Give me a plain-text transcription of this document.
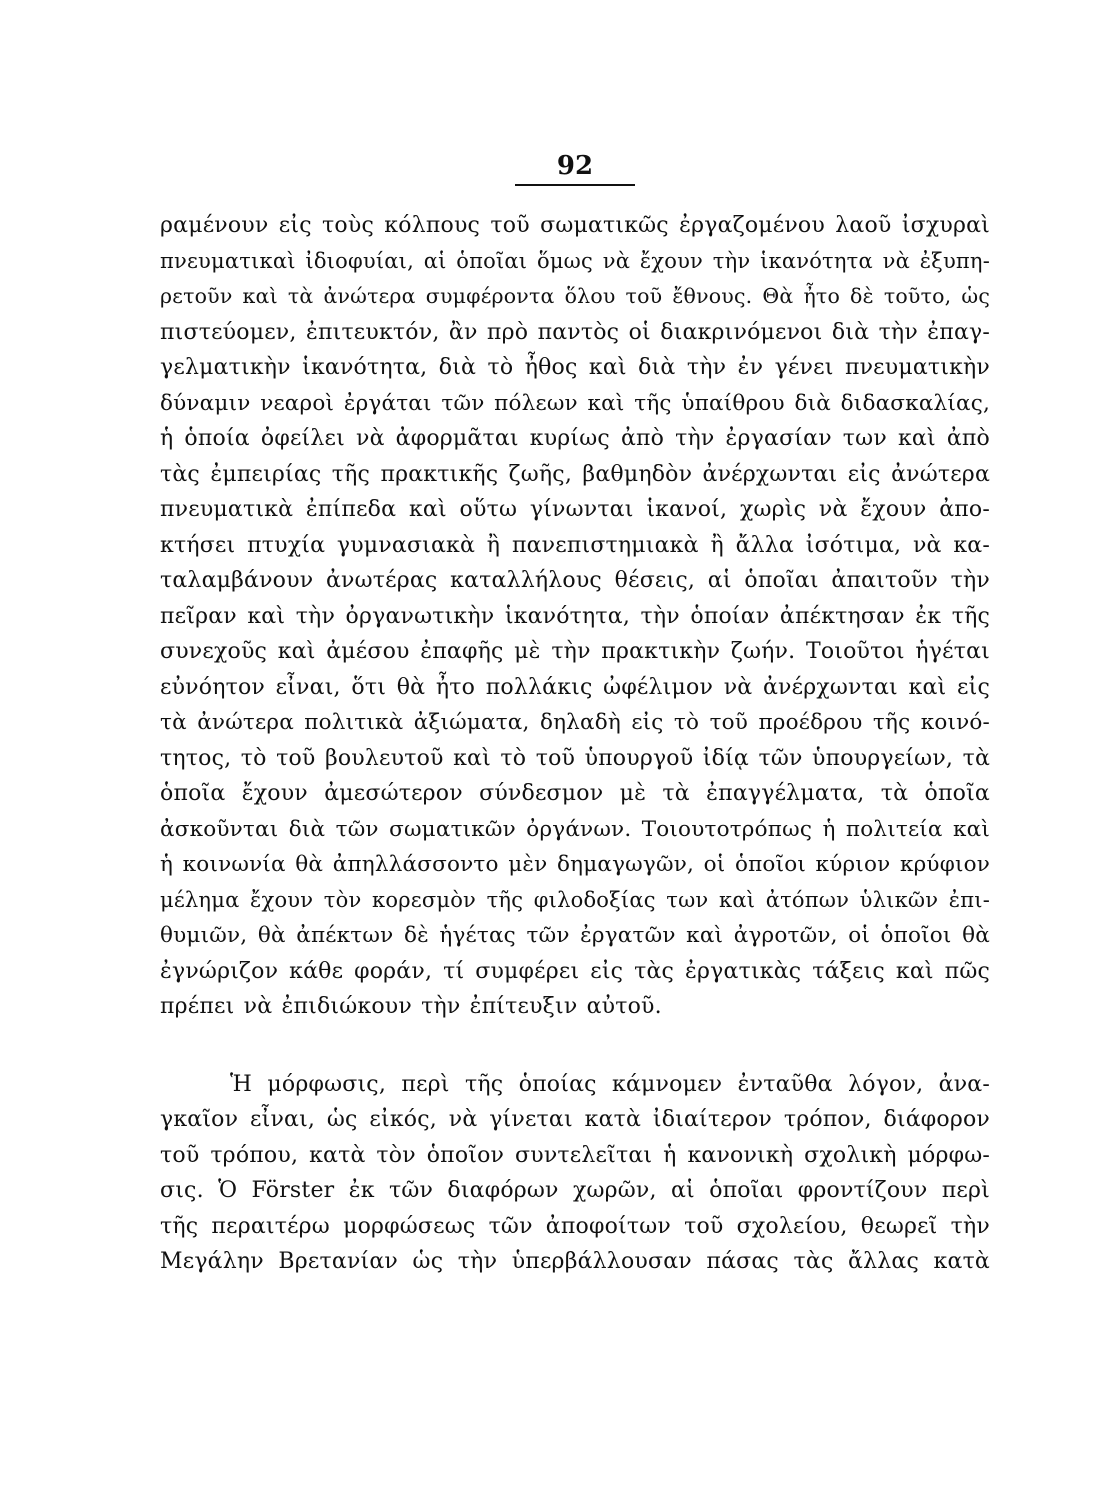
92
ραμένουν εἰς τοὺς κόλπους τοῦ σωματικῶς ἐργαζομένου λαοῦ ἰσχυραὶ
πνευματικαὶ ἰδιοφυίαι, αἱ ὁποῖαι ὅμως νὰ ἔχουν τὴν ἱκανότητα νὰ ἐξυπη-
ρετοῦν καὶ τὰ ἀνώτερα συμφέροντα ὅλου τοῦ ἔθνους. Θὰ ἦτο δὲ τοῦτο, ὡς
πιστεύομεν, ἐπιτευκτόν, ἂν πρὸ παντὸς οἱ διακρινόμενοι διὰ τὴν ἐπαγ-
γελματικὴν ἱκανότητα, διὰ τὸ ἦθος καὶ διὰ τὴν ἐν γένει πνευματικὴν
δύναμιν νεαροὶ ἐργάται τῶν πόλεων καὶ τῆς ὑπαίθρου διὰ διδασκαλίας,
ἡ ὁποία ὀφείλει νὰ ἀφορμᾶται κυρίως ἀπὸ τὴν ἐργασίαν των καὶ ἀπὸ
τὰς ἐμπειρίας τῆς πρακτικῆς ζωῆς, βαθμηδὸν ἀνέρχωνται εἰς ἀνώτερα
πνευματικὰ ἐπίπεδα καὶ οὕτω γίνωνται ἱκανοί, χωρὶς νὰ ἔχουν ἀπο-
κτήσει πτυχία γυμνασιακὰ ἢ πανεπιστημιακὰ ἢ ἄλλα ἰσότιμα, νὰ κα-
ταλαμβάνουν ἀνωτέρας καταλλήλους θέσεις, αἱ ὁποῖαι ἀπαιτοῦν τὴν
πεῖραν καὶ τὴν ὀργανωτικὴν ἱκανότητα, τὴν ὁποίαν ἀπέκτησαν ἐκ τῆς
συνεχοῦς καὶ ἀμέσου ἐπαφῆς μὲ τὴν πρακτικὴν ζωήν. Τοιοῦτοι ἡγέται
εὐνόητον εἶναι, ὅτι θὰ ἦτο πολλάκις ὠφέλιμον νὰ ἀνέρχωνται καὶ εἰς
τὰ ἀνώτερα πολιτικὰ ἀξιώματα, δηλαδὴ εἰς τὸ τοῦ προέδρου τῆς κοινό-
τητος, τὸ τοῦ βουλευτοῦ καὶ τὸ τοῦ ὑπουργοῦ ἰδίᾳ τῶν ὑπουργείων, τὰ
ὁποῖα ἔχουν ἀμεσώτερον σύνδεσμον μὲ τὰ ἐπαγγέλματα, τὰ ὁποῖα
ἀσκοῦνται διὰ τῶν σωματικῶν ὀργάνων. Τοιουτοτρόπως ἡ πολιτεία καὶ
ἡ κοινωνία θὰ ἀπηλλάσσοντο μὲν δημαγωγῶν, οἱ ὁποῖοι κύριον κρύφιον
μέλημα ἔχουν τὸν κορεσμὸν τῆς φιλοδοξίας των καὶ ἀτόπων ὑλικῶν ἐπι-
θυμιῶν, θὰ ἀπέκτων δὲ ἡγέτας τῶν ἐργατῶν καὶ ἀγροτῶν, οἱ ὁποῖοι θὰ
ἐγνώριζον κάθε φοράν, τί συμφέρει εἰς τὰς ἐργατικὰς τάξεις καὶ πῶς
πρέπει νὰ ἐπιδιώκουν τὴν ἐπίτευξιν αὐτοῦ.
Ἡ μόρφωσις, περὶ τῆς ὁποίας κάμνομεν ἐνταῦθα λόγον, ἀνα-
γκαῖον εἶναι, ὡς εἰκός, νὰ γίνεται κατὰ ἰδιαίτερον τρόπον, διάφορον
τοῦ τρόπου, κατὰ τὸν ὁποῖον συντελεῖται ἡ κανονικὴ σχολικὴ μόρφω-
σις. Ὁ Förster ἐκ τῶν διαφόρων χωρῶν, αἱ ὁποῖαι φροντίζουν περὶ
τῆς περαιτέρω μορφώσεως τῶν ἀποφοίτων τοῦ σχολείου, θεωρεῖ τὴν
Μεγάλην Βρετανίαν ὡς τὴν ὑπερβάλλουσαν πάσας τὰς ἄλλας κατὰ
